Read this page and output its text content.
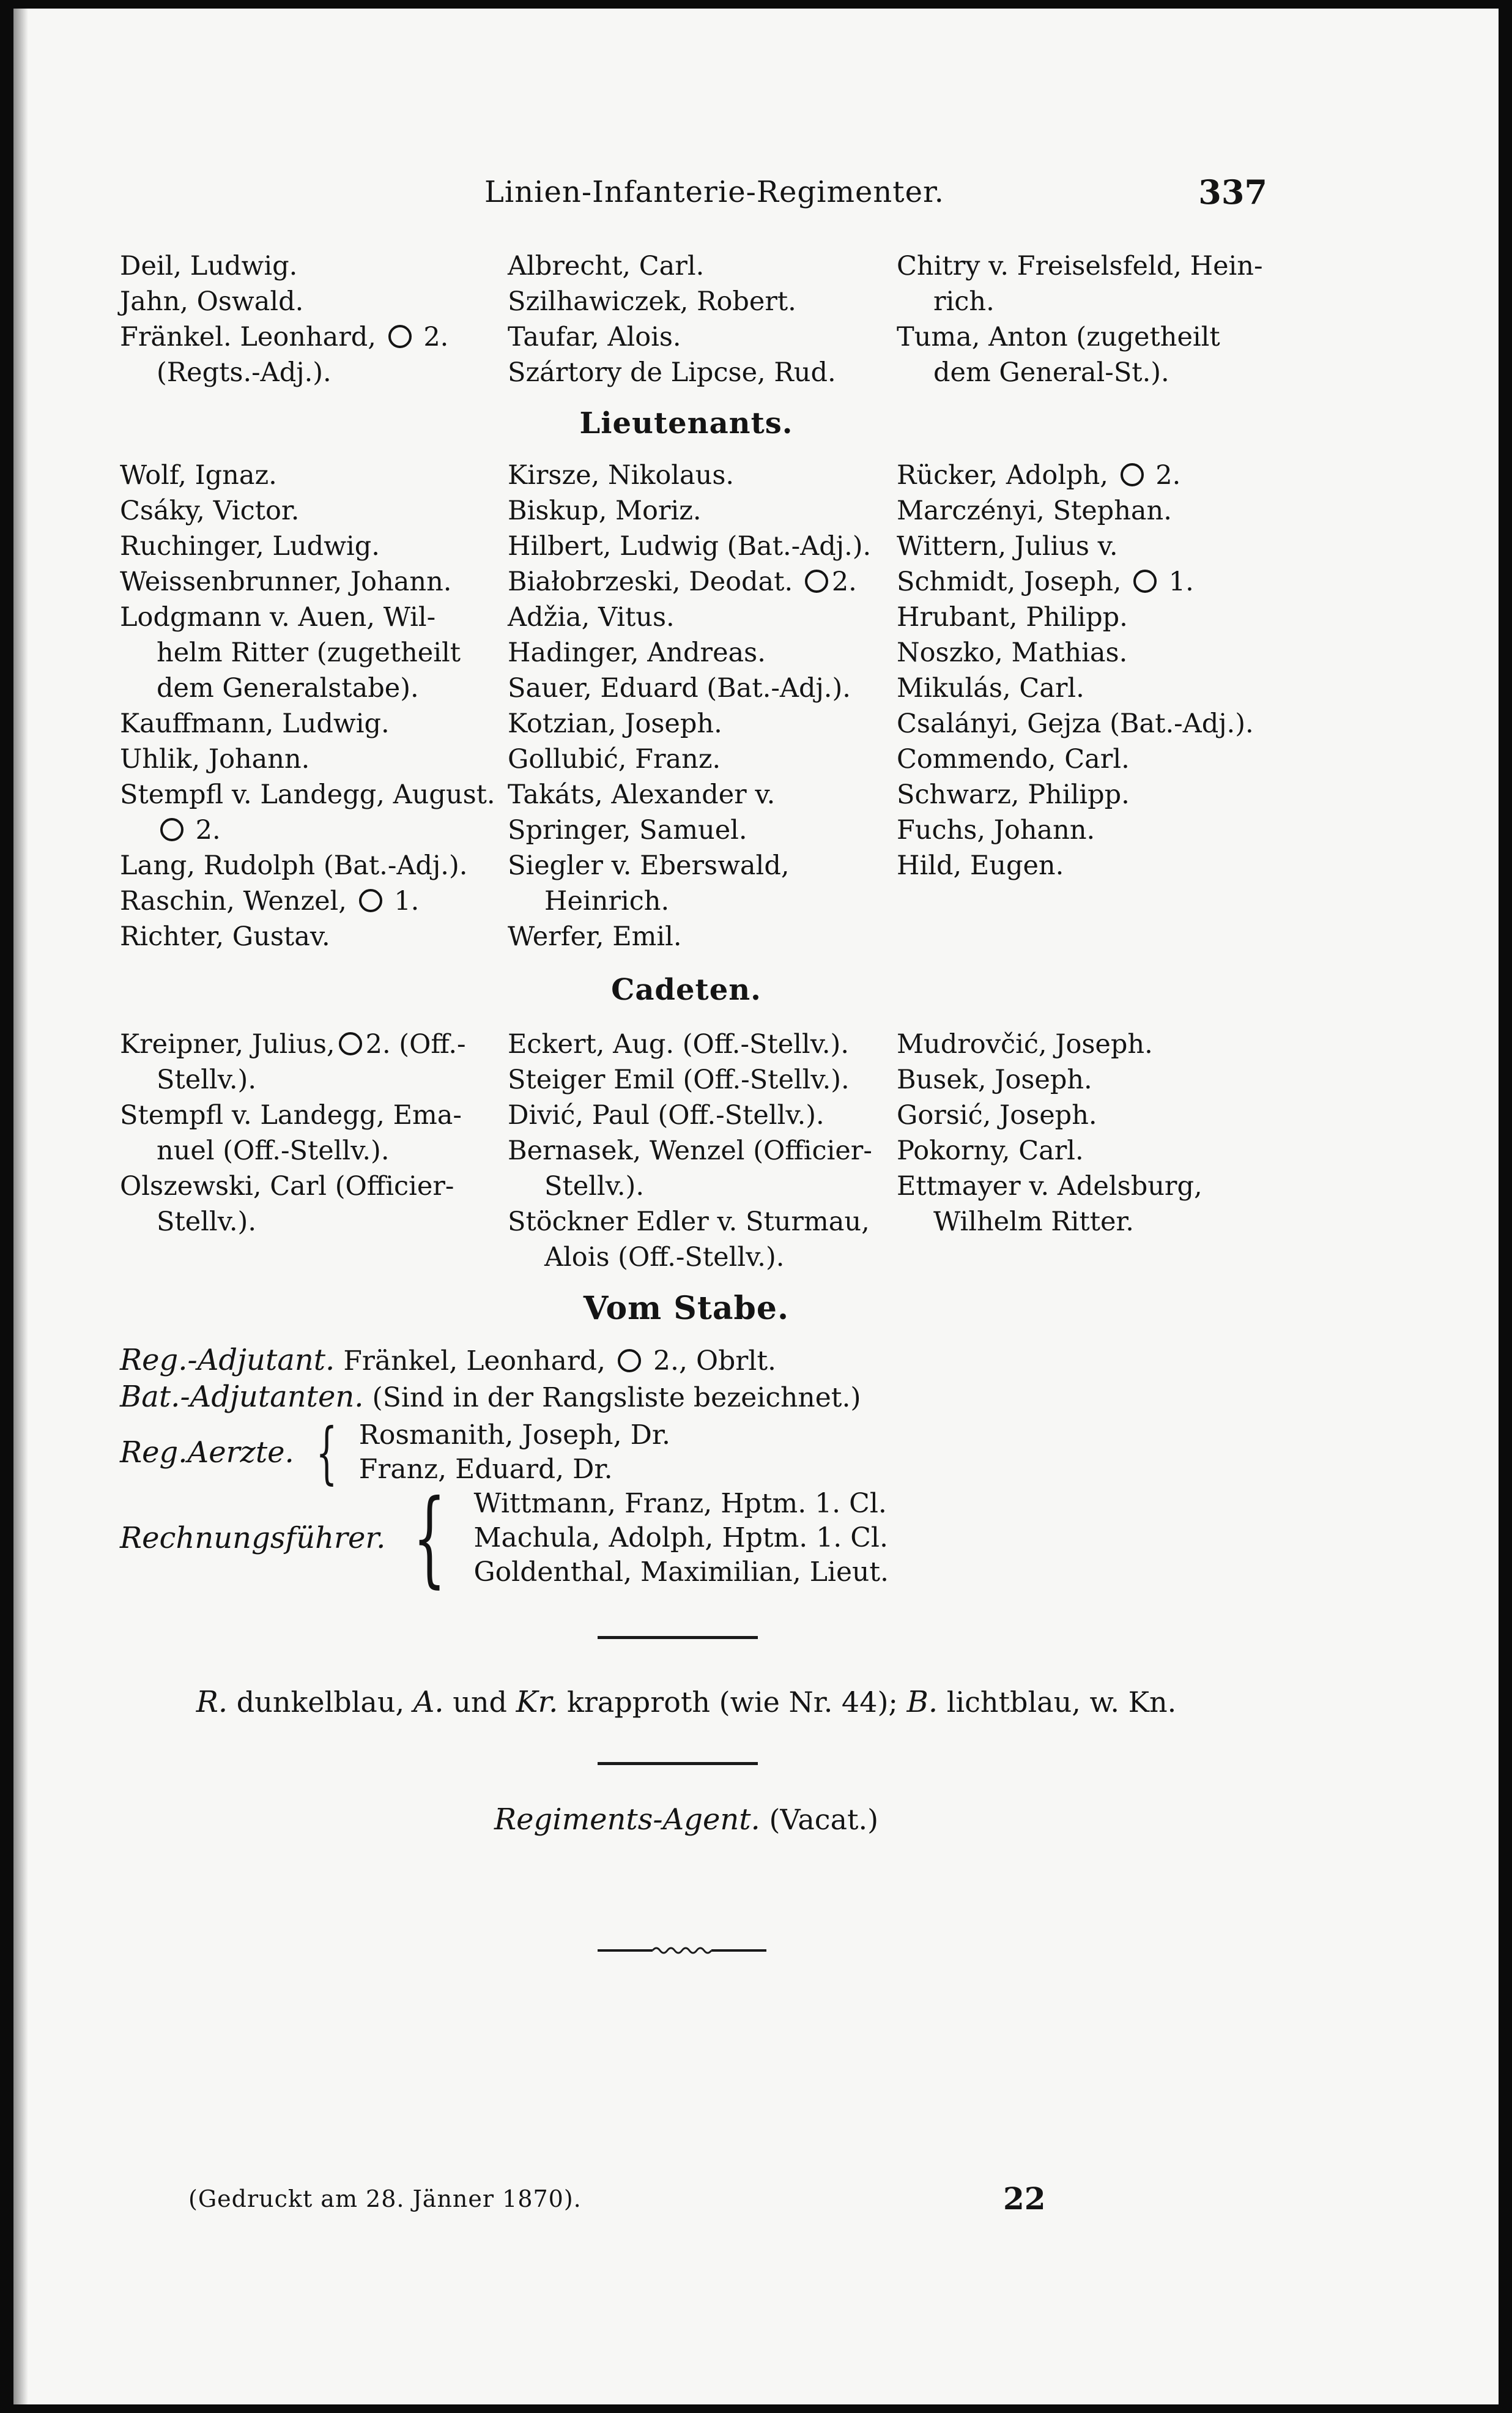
Linien-Infanterie-Regimenter.	337

Deil, Ludwig.

Jahn, Oswald.

Fränkel. Leonhard, 2.

(Regts.-Adj.).

Albrecht, Carl.

Szilhawiczek, Robert.

Taufar, Alois.

Szártory de Lipcse, Rud.

Chitry v. Freiselsfeld, Hein-

rich.

Tuma, Anton (zugetheilt

dem General-St.).

Lieutenants.

Wolf, Ignaz.

Csáky, Victor.

Ruchinger, Ludwig.

Weissenbrunner, Johann.

Lodgmann v. Auen, Wil-

helm Ritter (zugetheilt

dem Generalstabe).

Kauffmann, Ludwig.

Uhlik, Johann.

Stempfl v. Landegg, August.

2.

Lang, Rudolph (Bat.-Adj.).

Raschin, Wenzel, 1.

Richter, Gustav.

Kirsze, Nikolaus.

Biskup, Moriz.

Hilbert, Ludwig (Bat.-Adj.).

Białobrzeski, Deodat. 2.

Adžia, Vitus.

Hadinger, Andreas.

Sauer, Eduard (Bat.-Adj.).

Kotzian, Joseph.

Gollubić, Franz.

Takáts, Alexander v.

Springer, Samuel.

Siegler v. Eberswald,

Heinrich.

Werfer, Emil.

Rücker, Adolph, 2.

Marczényi, Stephan.

Wittern, Julius v.

Schmidt, Joseph, 1.

Hrubant, Philipp.

Noszko, Mathias.

Mikulás, Carl.

Csalányi, Gejza (Bat.-Adj.).

Commendo, Carl.

Schwarz, Philipp.

Fuchs, Johann.

Hild, Eugen.

Cadeten.

Kreipner, Julius, 2. (Off.-

Stellv.).

Stempfl v. Landegg, Ema-

nuel (Off.-Stellv.).

Olszewski, Carl (Officier-

Stellv.).

Eckert, Aug. (Off.-Stellv.).

Steiger Emil (Off.-Stellv.).

Divić, Paul (Off.-Stellv.).

Bernasek, Wenzel (Officier-

Stellv.).

Stöckner Edler v. Sturmau,

Alois (Off.-Stellv.).

Mudrovčić, Joseph.

Busek, Joseph.

Gorsić, Joseph.

Pokorny, Carl.

Ettmayer v. Adelsburg,

Wilhelm Ritter.

Vom Stabe.

Reg.-Adjutant. Fränkel, Leonhard, 2., Obrlt.

Bat.-Adjutanten. (Sind in der Rangsliste bezeichnet.)

Reg.Aerzte. { Rosmanith, Joseph, Dr.
Franz, Eduard, Dr.
Rechnungsführer. { Wittmann, Franz, Hptm. 1. Cl.
Machula, Adolph, Hptm. 1. Cl.
Goldenthal, Maximilian, Lieut.
R. dunkelblau, A. und Kr. krapproth (wie Nr. 44); B. lichtblau, w. Kn.
Regiments-Agent. (Vacat.)
(Gedruckt am 28. Jänner 1870).	22
